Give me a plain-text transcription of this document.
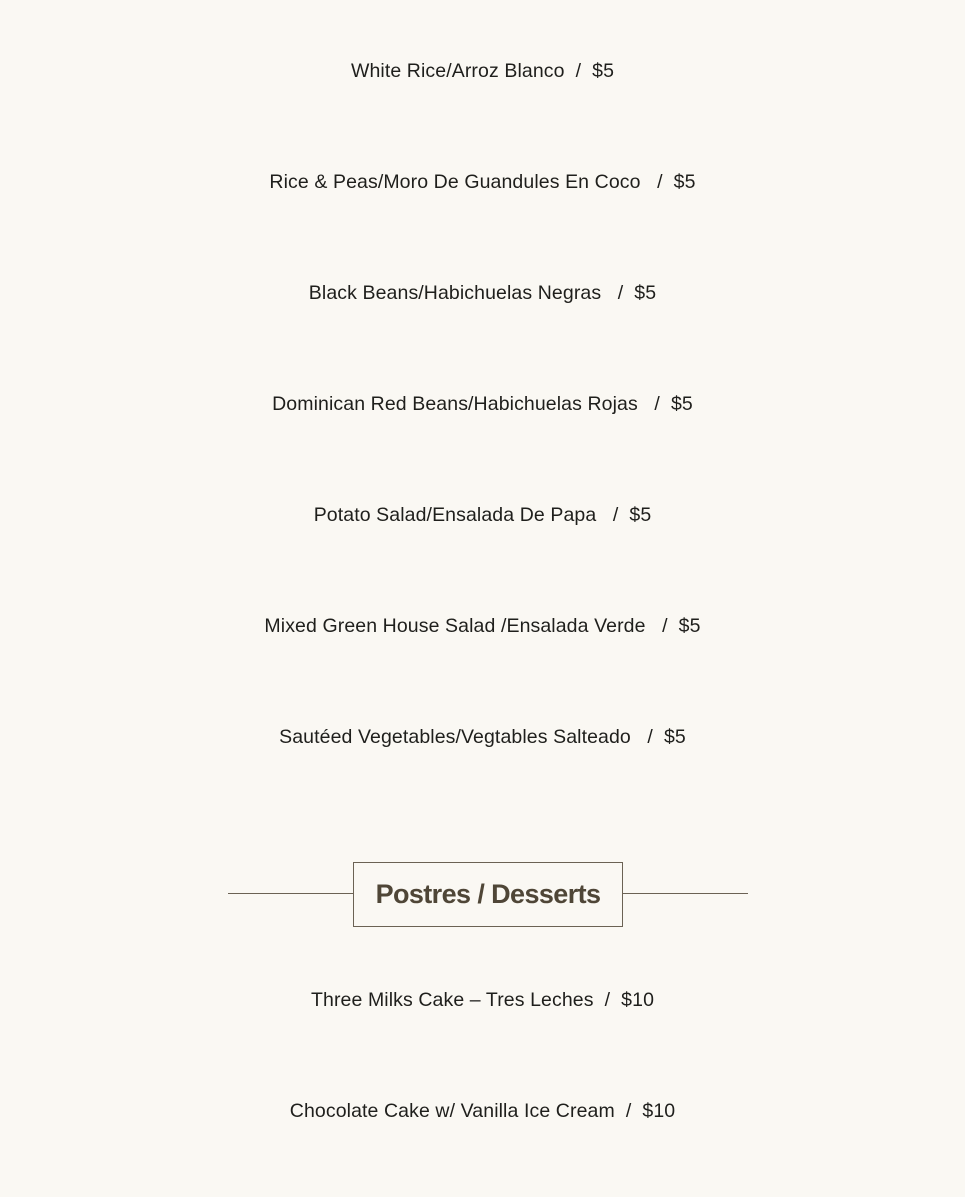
White Rice/Arroz Blanco  /  $5
Rice & Peas/Moro De Guandules En Coco   /  $5
Black Beans/Habichuelas Negras   /  $5
Dominican Red Beans/Habichuelas Rojas   /  $5
Potato Salad/Ensalada De Papa   /  $5
Mixed Green House Salad /Ensalada Verde   /  $5
Sautéed Vegetables/Vegtables Salteado   /  $5
Postres / Desserts
Three Milks Cake – Tres Leches  /  $10
Chocolate Cake w/ Vanilla Ice Cream  /  $10
